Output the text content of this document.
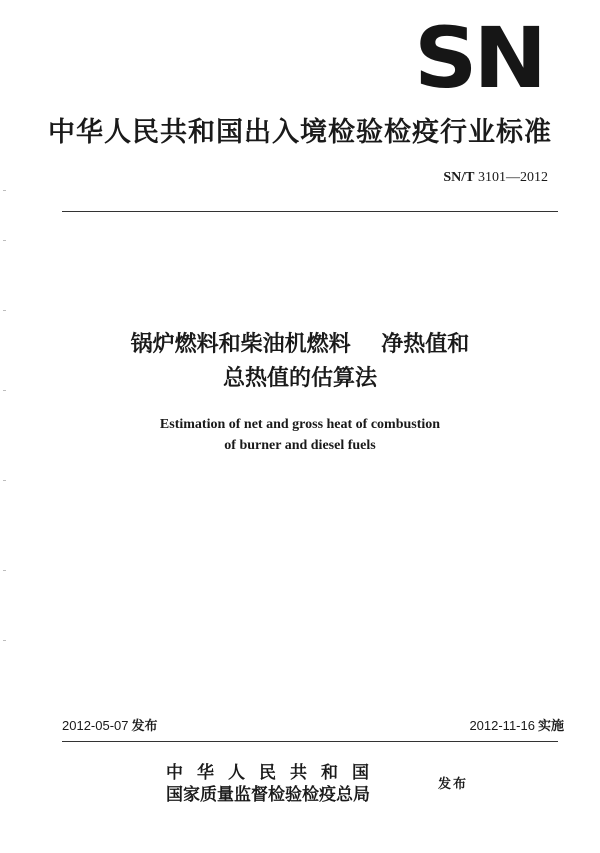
SN
中华人民共和国出入境检验检疫行业标准
SN/T 3101—2012
锅炉燃料和柴油机燃料    净热值和
总热值的估算法
Estimation of net and gross heat of combustion
of burner and diesel fuels
2012-05-07 发布	2012-11-16 实施
中华人民共和国
国家质量监督检验检疫总局
发布
